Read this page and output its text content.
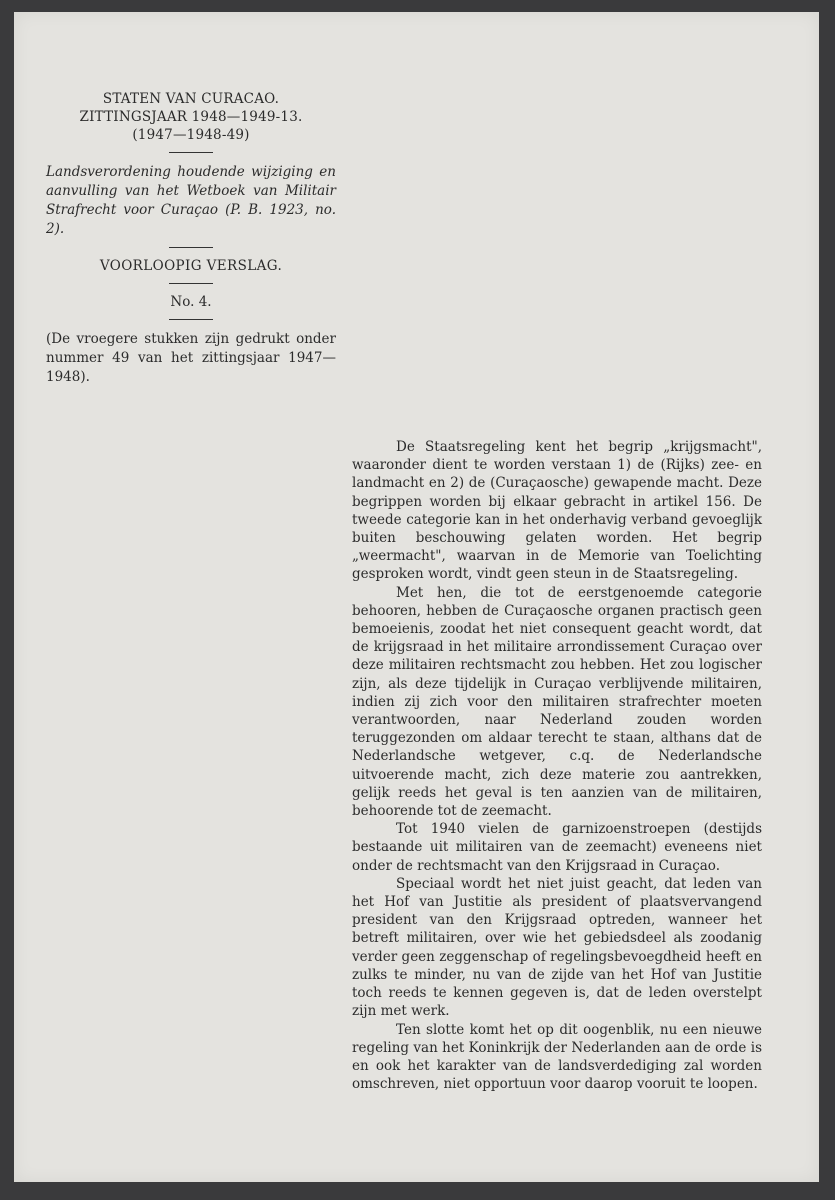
STATEN VAN CURACAO.
ZITTINGSJAAR 1948—1949-13.
(1947—1948-49)
Landsverordening houdende wijziging en aanvulling van het Wetboek van Militair Strafrecht voor Curaçao (P. B. 1923, no. 2).
VOORLOOPIG VERSLAG.
No. 4.
(De vroegere stukken zijn gedrukt onder nummer 49 van het zittingsjaar 1947—1948).

De Staatsregeling kent het begrip „krijgsmacht", waaronder dient te worden verstaan 1) de (Rijks) zee- en landmacht en 2) de (Curaçaosche) gewapende macht. Deze begrippen worden bij elkaar gebracht in artikel 156. De tweede categorie kan in het onderhavig verband gevoeglijk buiten beschouwing gelaten worden. Het begrip „weermacht", waarvan in de Memorie van Toelichting gesproken wordt, vindt geen steun in de Staatsregeling.

Met hen, die tot de eerstgenoemde categorie behooren, hebben de Curaçaosche organen practisch geen bemoeienis, zoodat het niet consequent geacht wordt, dat de krijgsraad in het militaire arrondissement Curaçao over deze militairen rechtsmacht zou hebben. Het zou logischer zijn, als deze tijdelijk in Curaçao verblijvende militairen, indien zij zich voor den militairen strafrechter moeten verantwoorden, naar Nederland zouden worden teruggezonden om aldaar terecht te staan, althans dat de Nederlandsche wetgever, c.q. de Nederlandsche uitvoerende macht, zich deze materie zou aantrekken, gelijk reeds het geval is ten aanzien van de militairen, behoorende tot de zeemacht.

Tot 1940 vielen de garnizoenstroepen (destijds bestaande uit militairen van de zeemacht) eveneens niet onder de rechtsmacht van den Krijgsraad in Curaçao.

Speciaal wordt het niet juist geacht, dat leden van het Hof van Justitie als president of plaatsvervangend president van den Krijgsraad optreden, wanneer het betreft militairen, over wie het gebiedsdeel als zoodanig verder geen zeggenschap of regelingsbevoegdheid heeft en zulks te minder, nu van de zijde van het Hof van Justitie toch reeds te kennen gegeven is, dat de leden overstelpt zijn met werk.

Ten slotte komt het op dit oogenblik, nu een nieuwe regeling van het Koninkrijk der Nederlanden aan de orde is en ook het karakter van de landsverdediging zal worden omschreven, niet opportuun voor daarop vooruit te loopen.
